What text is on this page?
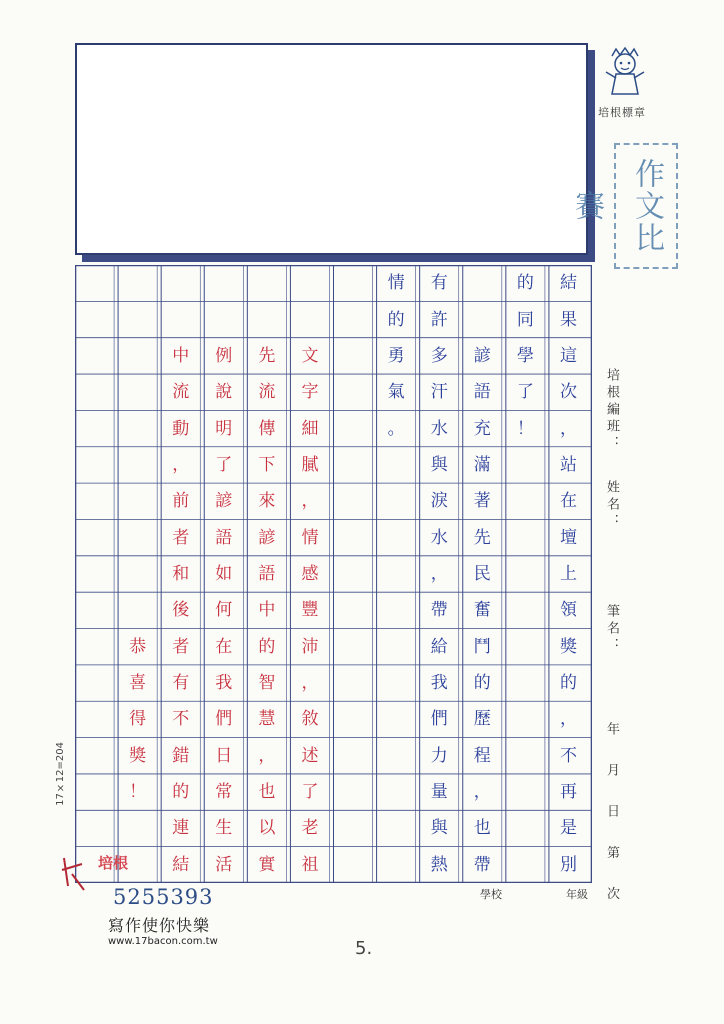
培根標章
作文比賽
結
果
這
次
，
站
在
壇
上
領
獎
的
，
不
再
是
別
的
同
學
了
！
諺
語
充
滿
著
先
民
奮
鬥
的
歷
程
，
也
帶
有
許
多
汗
水
與
淚
水
，
帶
給
我
們
力
量
與
熱
情
的
勇
氣
。
文
字
細
膩
，
情
感
豐
沛
，
敘
述
了
老
祖
先
流
傳
下
來
諺
語
中
的
智
慧
，
也
以
實
例
說
明
了
諺
語
如
何
在
我
們
日
常
生
活
中
流
動
，
前
者
和
後
者
有
不
錯
的
連
結
恭
喜
得
獎
！
培根編班：
姓名：
筆名：
年 月 日 第 次
17×12=204
學校	年級
培根
5255393
寫作使你快樂
www.17bacon.com.tw	5.
